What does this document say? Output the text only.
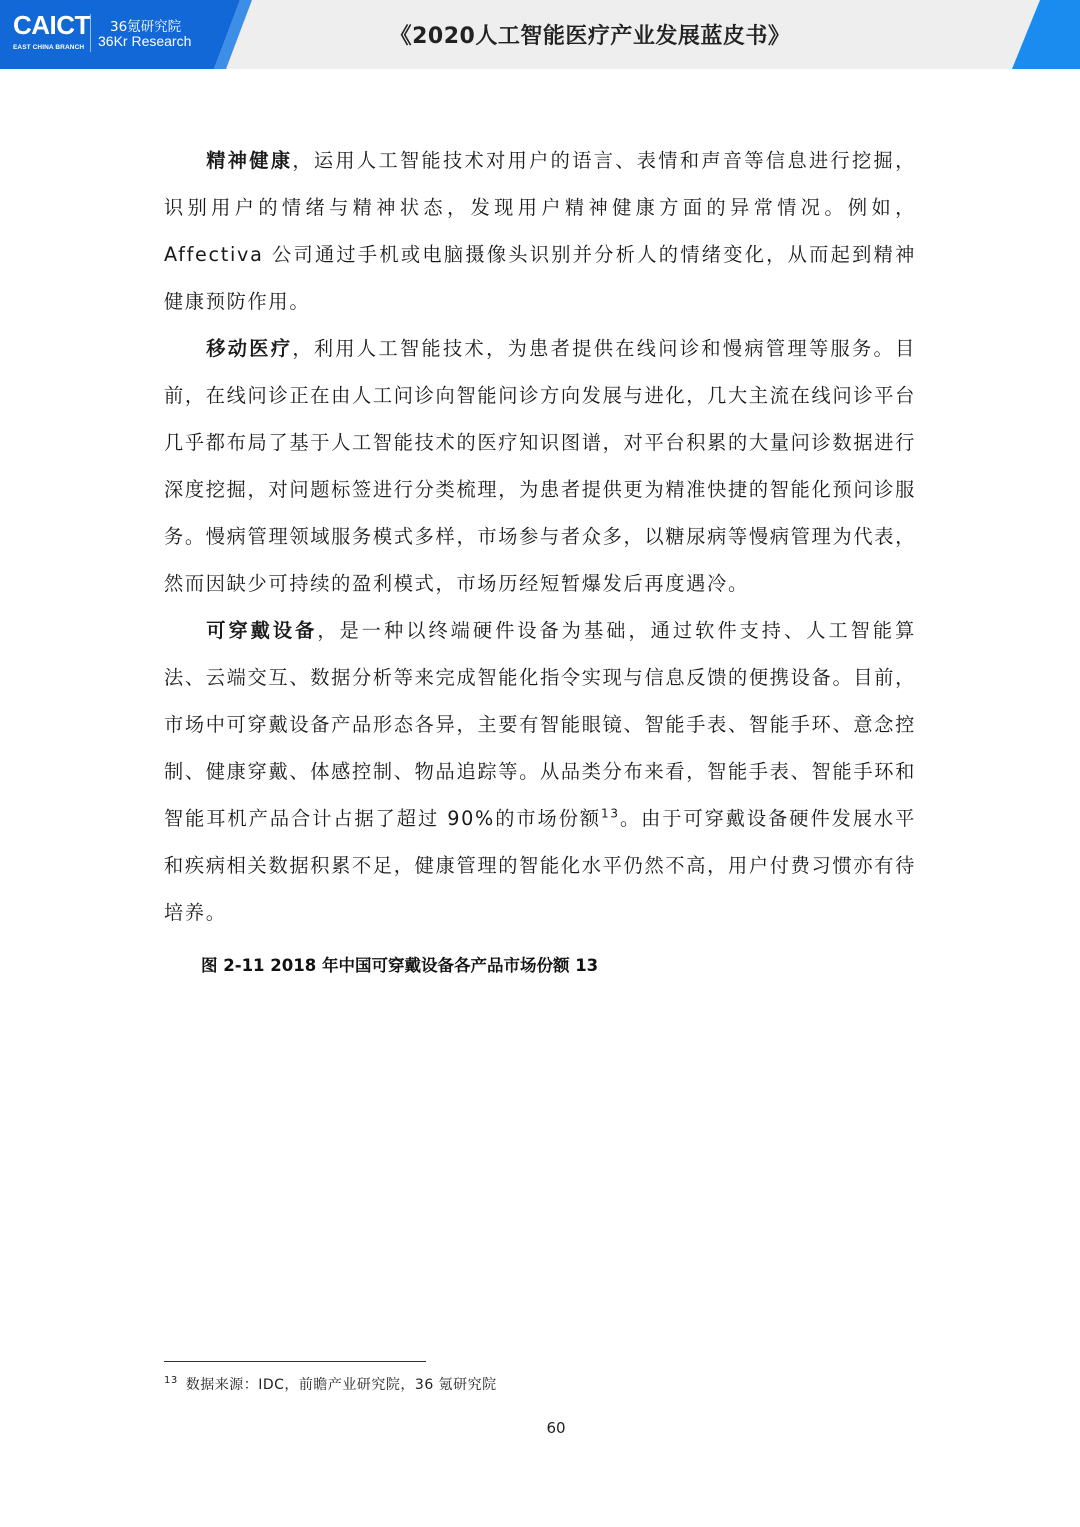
CAICT
EAST CHINA BRANCH
36氪研究院
36Kr Research	《2020人工智能医疗产业发展蓝皮书》

精神健康，运用人工智能技术对用户的语言、表情和声音等信息进行挖掘，识别用户的情绪与精神状态，发现用户精神健康方面的异常情况。例如，Affectiva 公司通过手机或电脑摄像头识别并分析人的情绪变化，从而起到精神健康预防作用。

移动医疗，利用人工智能技术，为患者提供在线问诊和慢病管理等服务。目前，在线问诊正在由人工问诊向智能问诊方向发展与进化，几大主流在线问诊平台几乎都布局了基于人工智能技术的医疗知识图谱，对平台积累的大量问诊数据进行深度挖掘，对问题标签进行分类梳理，为患者提供更为精准快捷的智能化预问诊服务。慢病管理领域服务模式多样，市场参与者众多，以糖尿病等慢病管理为代表，然而因缺少可持续的盈利模式，市场历经短暂爆发后再度遇冷。

可穿戴设备，是一种以终端硬件设备为基础，通过软件支持、人工智能算法、云端交互、数据分析等来完成智能化指令实现与信息反馈的便携设备。目前，市场中可穿戴设备产品形态各异，主要有智能眼镜、智能手表、智能手环、意念控制、健康穿戴、体感控制、物品追踪等。从品类分布来看，智能手表、智能手环和智能耳机产品合计占据了超过 90%的市场份额$^{13}$。由于可穿戴设备硬件发展水平和疾病相关数据积累不足，健康管理的智能化水平仍然不高，用户付费习惯亦有待培养。

图 2-11 2018 年中国可穿戴设备各产品市场份额 13
$^{13}$ 数据来源：IDC，前瞻产业研究院，36 氪研究院
60
